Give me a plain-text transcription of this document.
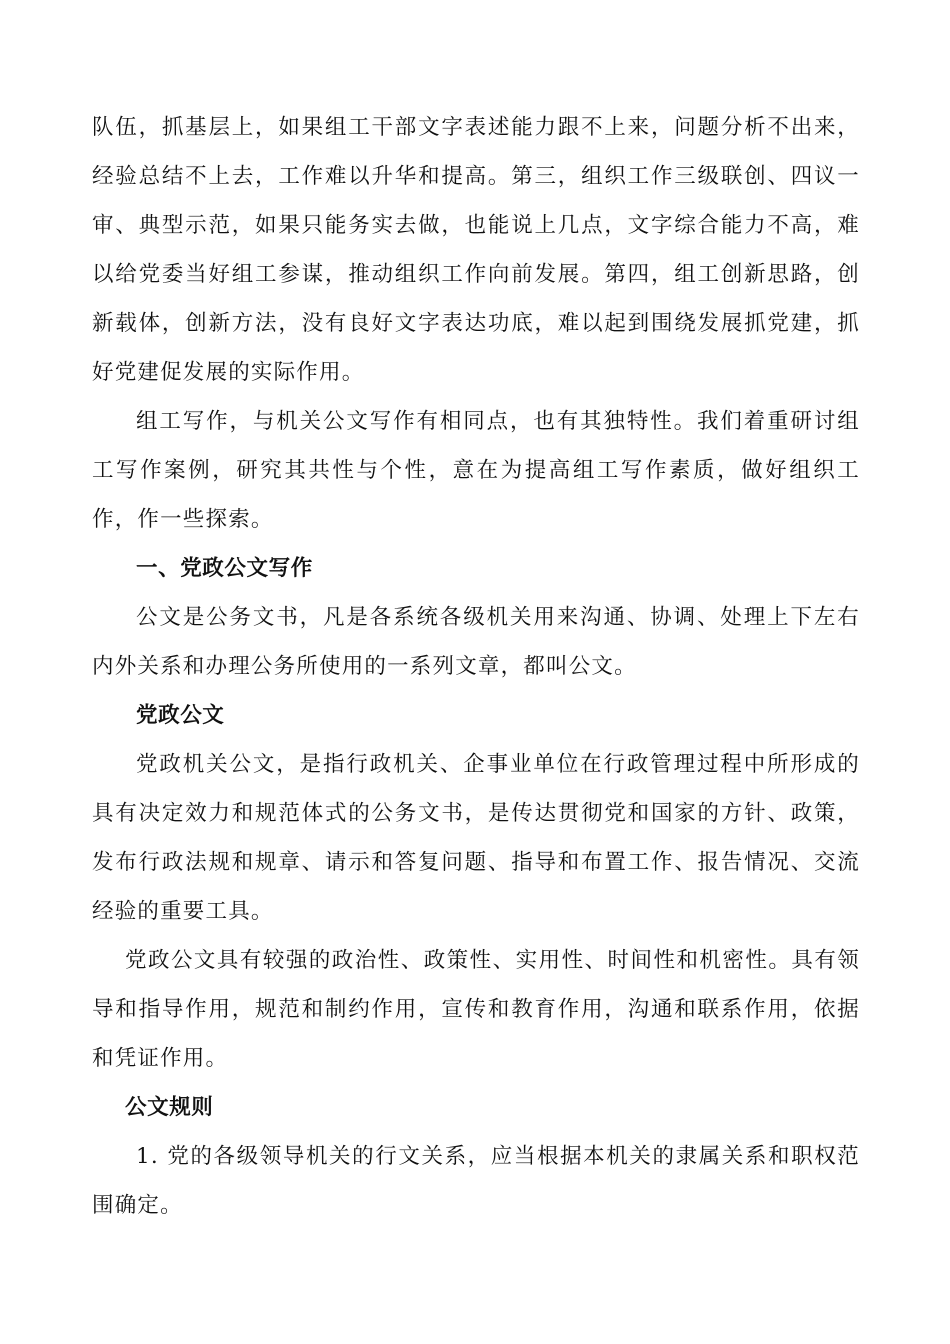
队伍，抓基层上，如果组工干部文字表述能力跟不上来，问题分析不出来，经验总结不上去，工作难以升华和提高。第三，组织工作三级联创、四议一审、典型示范，如果只能务实去做，也能说上几点，文字综合能力不高，难以给党委当好组工参谋，推动组织工作向前发展。第四，组工创新思路，创新载体，创新方法，没有良好文字表达功底，难以起到围绕发展抓党建，抓好党建促发展的实际作用。

组工写作，与机关公文写作有相同点，也有其独特性。我们着重研讨组工写作案例，研究其共性与个性，意在为提高组工写作素质，做好组织工作，作一些探索。

一、党政公文写作

公文是公务文书，凡是各系统各级机关用来沟通、协调、处理上下左右内外关系和办理公务所使用的一系列文章，都叫公文。

党政公文

党政机关公文，是指行政机关、企事业单位在行政管理过程中所形成的具有决定效力和规范体式的公务文书，是传达贯彻党和国家的方针、政策，发布行政法规和规章、请示和答复问题、指导和布置工作、报告情况、交流经验的重要工具。

党政公文具有较强的政治性、政策性、实用性、时间性和机密性。具有领导和指导作用，规范和制约作用，宣传和教育作用，沟通和联系作用，依据和凭证作用。

公文规则

1. 党的各级领导机关的行文关系，应当根据本机关的隶属关系和职权范围确定。
